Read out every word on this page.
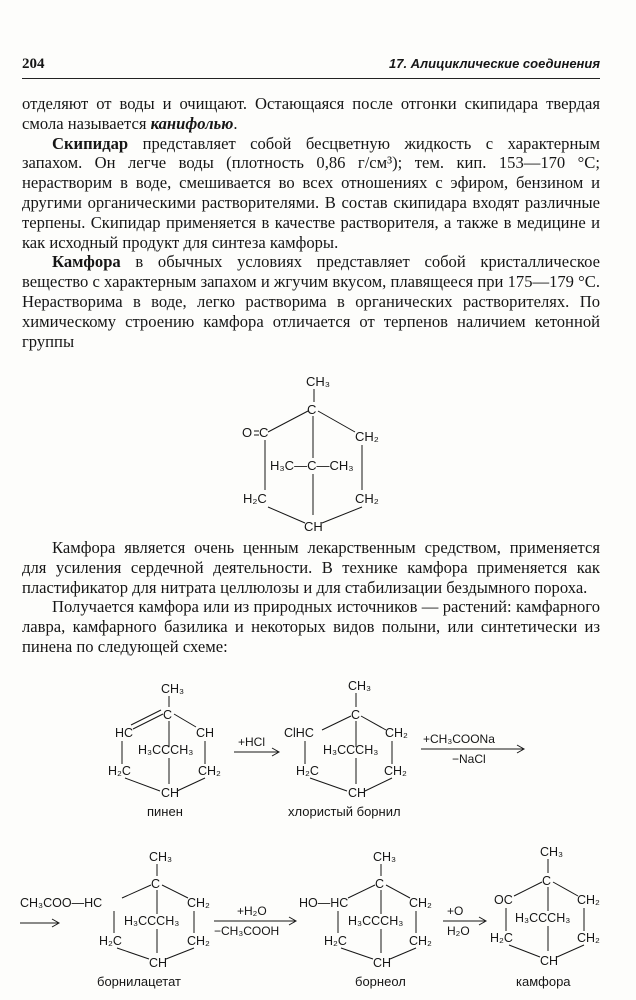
204	17. Алициклические соединения

отделяют от воды и очищают. Остающаяся после отгонки скипидара твердая смола называется канифолью.

Скипидар представляет собой бесцветную жидкость с характерным запахом. Он легче воды (плотность 0,86 г/см³); тем. кип. 153—170 °С; нерастворим в воде, смешивается во всех отношениях с эфиром, бензином и другими органическими растворителями. В состав скипидара входят различные терпены. Скипидар применяется в качестве растворителя, а также в медицине и как исходный продукт для синтеза камфоры.

Камфора в обычных условиях представляет собой кристаллическое вещество с характерным запахом и жгучим вкусом, плавящееся при 175—179 °С. Нерастворима в воде, легко растворима в органических растворителях. По химическому строению камфора отличается от терпенов наличием кетонной группы

Камфора является очень ценным лекарственным средством, применяется для усиления сердечной деятельности. В технике камфора применяется как пластификатор для нитрата целлюлозы и для стабилизации бездымного пороха.

Получается камфора или из природных источников — растений: камфарного лавра, камфарного базилика и некоторых видов полыни, или синтетически из пинена по следующей схеме:

CH₃
C
O C	CH₂
H₃C—C—CH₃
H₂C	CH₂
CH
CH₃
C
HC	CH
H₃CCCH₃
H₂C	CH₂
CH
пинен
+HCl
CH₃
C
ClHC	CH₂
H₃CCCH₃
H₂C	CH₂
CH
хлористый борнил
+CH₃COONa
−NaCl
CH₃
C
CH₃COO—HC	CH₂
H₃CCCH₃
H₂C	CH₂
CH
борнилацетат
+H₂O
−CH₃COOH
CH₃
C
HO—HC	CH₂
H₃CCCH₃
H₂C	CH₂
CH
борнеол
+O
H₂O
CH₃
C
OC	CH₂
H₃CCCH₃
H₂C	CH₂
CH
камфора
